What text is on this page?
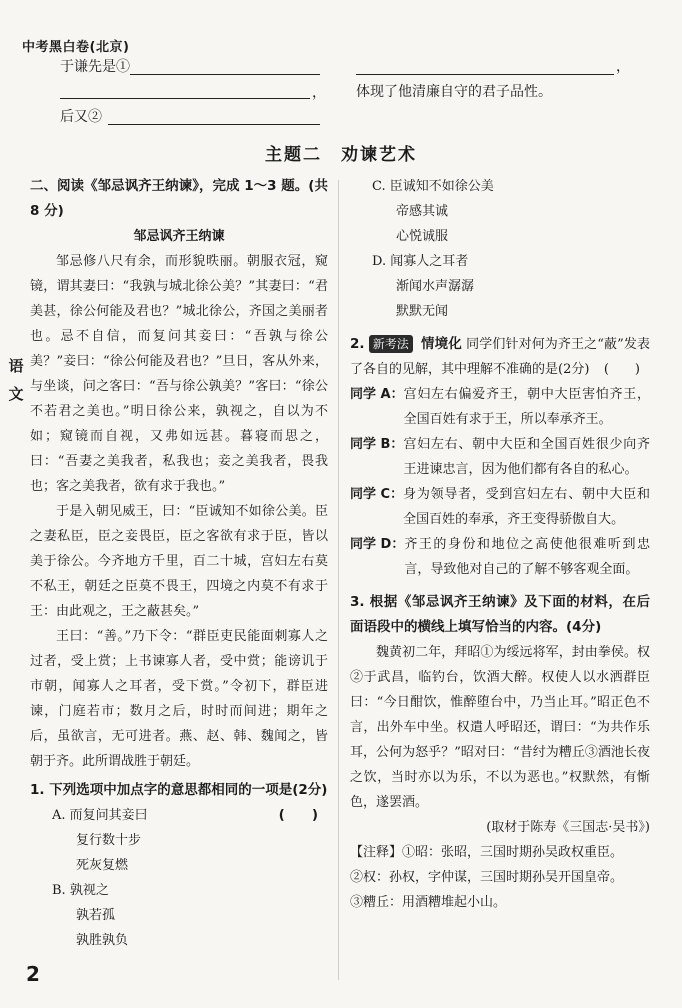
中考黑白卷(北京)
语文
于谦先是①
，
后又②
，
体现了他清廉自守的君子品性。
主题二　劝谏艺术
二、阅读《邹忌讽齐王纳谏》，完成 1～3 题。(共 8 分)
邹忌讽齐王纳谏
邹忌修八尺有余，而形貌昳丽。朝服衣冠，窥镜，谓其妻曰：“我孰与城北徐公美？”其妻曰：“君美甚，徐公何能及君也？”城北徐公，齐国之美丽者也。忌不自信，而复问其妾曰：“吾孰与徐公美？”妾曰：“徐公何能及君也？”旦日，客从外来，与坐谈，问之客曰：“吾与徐公孰美？”客曰：“徐公不若君之美也。”明日徐公来，孰视之，自以为不如；窥镜而自视，又弗如远甚。暮寝而思之，曰：“吾妻之美我者，私我也；妾之美我者，畏我也；客之美我者，欲有求于我也。”
于是入朝见威王，曰：“臣诚知不如徐公美。臣之妻私臣，臣之妾畏臣，臣之客欲有求于臣，皆以美于徐公。今齐地方千里，百二十城，宫妇左右莫不私王，朝廷之臣莫不畏王，四境之内莫不有求于王：由此观之，王之蔽甚矣。”
王曰：“善。”乃下令：“群臣吏民能面刺寡人之过者，受上赏；上书谏寡人者，受中赏；能谤讥于市朝，闻寡人之耳者，受下赏。”令初下，群臣进谏，门庭若市；数月之后，时时而间进；期年之后，虽欲言，无可进者。燕、赵、韩、魏闻之，皆朝于齐。此所谓战胜于朝廷。
1. 下列选项中加点字的意思都相同的一项是(2分)
(　　)
A. 而复问其妾曰
复行数十步
死灰复燃
B. 孰视之
孰若孤
孰胜孰负
C. 臣诚知不如徐公美
帝感其诚
心悦诚服
D. 闻寡人之耳者
渐闻水声潺潺
默默无闻
2. 新考法 情境化 同学们针对何为齐王之“蔽”发表了各自的见解，其中理解不准确的是(2分) (　　)
同学 A： 宫妇左右偏爱齐王，朝中大臣害怕齐王，全国百姓有求于王，所以奉承齐王。
同学 B： 宫妇左右、朝中大臣和全国百姓很少向齐王进谏忠言，因为他们都有各自的私心。
同学 C： 身为领导者，受到宫妇左右、朝中大臣和全国百姓的奉承，齐王变得骄傲自大。
同学 D： 齐王的身份和地位之高使他很难听到忠言，导致他对自己的了解不够客观全面。
3. 根据《邹忌讽齐王纳谏》及下面的材料，在后面语段中的横线上填写恰当的内容。(4分)
魏黄初二年，拜昭①为绥远将军，封由拳侯。权②于武昌，临钓台，饮酒大醉。权使人以水洒群臣曰：“今日酣饮，惟醉堕台中，乃当止耳。”昭正色不言，出外车中坐。权遣人呼昭还，谓曰：“为共作乐耳，公何为怒乎？”昭对曰：“昔纣为糟丘③酒池长夜之饮，当时亦以为乐，不以为恶也。”权默然，有惭色，遂罢酒。
(取材于陈寿《三国志·吴书》)
【注释】①昭：张昭，三国时期孙吴政权重臣。
②权：孙权，字仲谋，三国时期孙吴开国皇帝。
③糟丘：用酒糟堆起小山。
2
